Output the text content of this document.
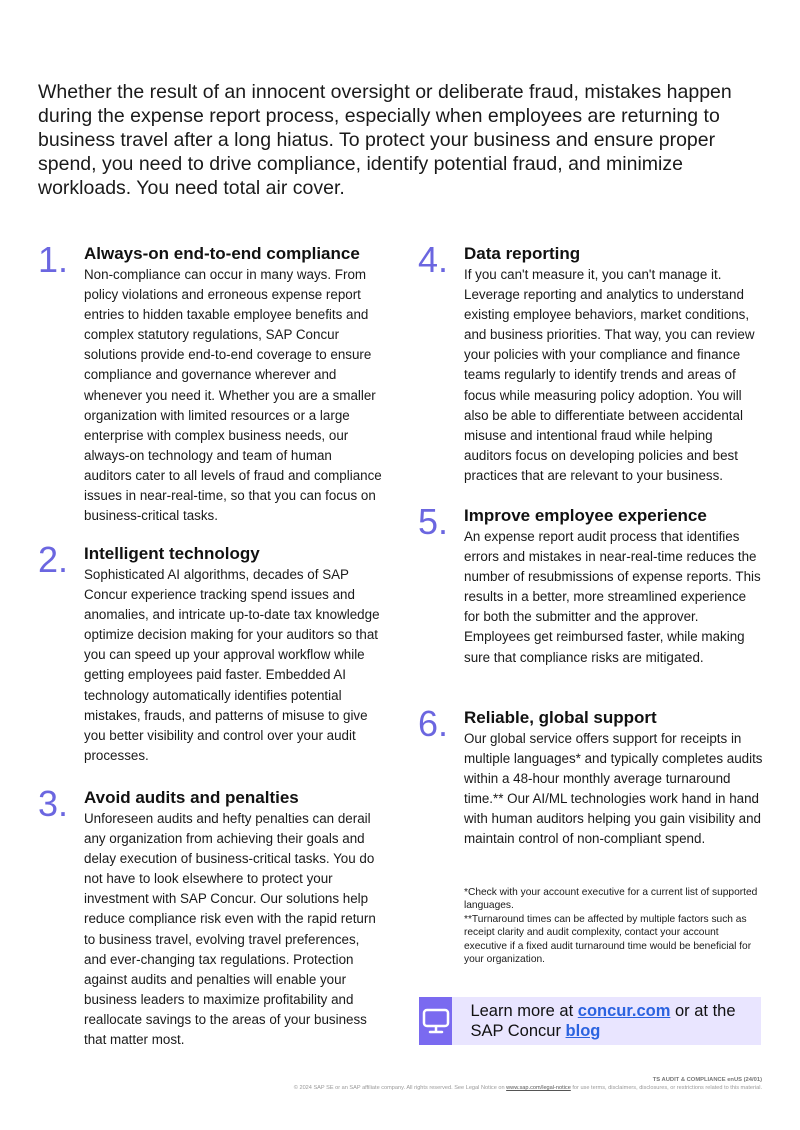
Whether the result of an innocent oversight or deliberate fraud, mistakes happen during the expense report process, especially when employees are returning to business travel after a long hiatus. To protect your business and ensure proper spend, you need to drive compliance, identify potential fraud, and minimize workloads. You need total air cover.
1. Always-on end-to-end compliance
Non-compliance can occur in many ways. From policy violations and erroneous expense report entries to hidden taxable employee benefits and complex statutory regulations, SAP Concur solutions provide end-to-end coverage to ensure compliance and governance wherever and whenever you need it. Whether you are a smaller organization with limited resources or a large enterprise with complex business needs, our always-on technology and team of human auditors cater to all levels of fraud and compliance issues in near-real-time, so that you can focus on business-critical tasks.
2. Intelligent technology
Sophisticated AI algorithms, decades of SAP Concur experience tracking spend issues and anomalies, and intricate up-to-date tax knowledge optimize decision making for your auditors so that you can speed up your approval workflow while getting employees paid faster. Embedded AI technology automatically identifies potential mistakes, frauds, and patterns of misuse to give you better visibility and control over your audit processes.
3. Avoid audits and penalties
Unforeseen audits and hefty penalties can derail any organization from achieving their goals and delay execution of business-critical tasks. You do not have to look elsewhere to protect your investment with SAP Concur. Our solutions help reduce compliance risk even with the rapid return to business travel, evolving travel preferences, and ever-changing tax regulations. Protection against audits and penalties will enable your business leaders to maximize profitability and reallocate savings to the areas of your business that matter most.
4. Data reporting
If you can't measure it, you can't manage it. Leverage reporting and analytics to understand existing employee behaviors, market conditions, and business priorities. That way, you can review your policies with your compliance and finance teams regularly to identify trends and areas of focus while measuring policy adoption. You will also be able to differentiate between accidental misuse and intentional fraud while helping auditors focus on developing policies and best practices that are relevant to your business.
5. Improve employee experience
An expense report audit process that identifies errors and mistakes in near-real-time reduces the number of resubmissions of expense reports. This results in a better, more streamlined experience for both the submitter and the approver. Employees get reimbursed faster, while making sure that compliance risks are mitigated.
6. Reliable, global support
Our global service offers support for receipts in multiple languages* and typically completes audits within a 48-hour monthly average turnaround time.** Our AI/ML technologies work hand in hand with human auditors helping you gain visibility and maintain control of non-compliant spend.

*Check with your account executive for a current list of supported languages.

**Turnaround times can be affected by multiple factors such as receipt clarity and audit complexity, contact your account executive if a fixed audit turnaround time would be beneficial for your organization.

Learn more at concur.com or at the SAP Concur blog
TS AUDIT & COMPLIANCE enUS (24/01)
© 2024 SAP SE or an SAP affiliate company. All rights reserved. See Legal Notice on www.sap.com/legal-notice for use terms, disclaimers, disclosures, or restrictions related to this material.
